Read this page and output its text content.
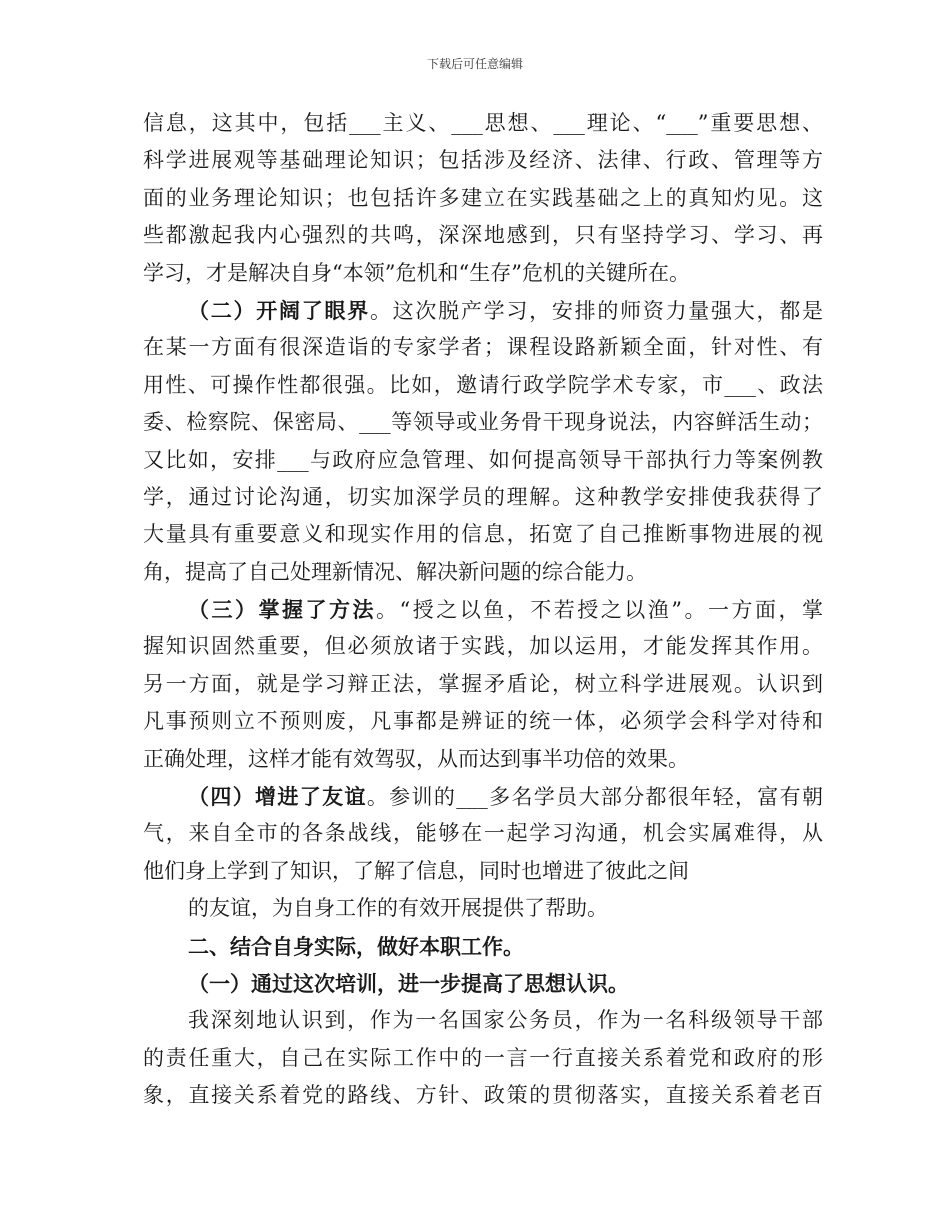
下载后可任意编辑
信息，这其中，包括___主义、___思想、___理论、“___”重要思想、
科学进展观等基础理论知识；包括涉及经济、法律、行政、管理等方
面的业务理论知识；也包括许多建立在实践基础之上的真知灼见。这
些都激起我内心强烈的共鸣，深深地感到，只有坚持学习、学习、再
学习，才是解决自身“本领”危机和“生存”危机的关键所在。
（二）开阔了眼界。这次脱产学习，安排的师资力量强大，都是
在某一方面有很深造诣的专家学者；课程设路新颖全面，针对性、有
用性、可操作性都很强。比如，邀请行政学院学术专家，市___、政法
委、检察院、保密局、___等领导或业务骨干现身说法，内容鲜活生动；
又比如，安排___与政府应急管理、如何提高领导干部执行力等案例教
学，通过讨论沟通，切实加深学员的理解。这种教学安排使我获得了
大量具有重要意义和现实作用的信息，拓宽了自己推断事物进展的视
角，提高了自己处理新情况、解决新问题的综合能力。
（三）掌握了方法。“授之以鱼，不若授之以渔”。一方面，掌
握知识固然重要，但必须放诸于实践，加以运用，才能发挥其作用。
另一方面，就是学习辩正法，掌握矛盾论，树立科学进展观。认识到
凡事预则立不预则废，凡事都是辨证的统一体，必须学会科学对待和
正确处理，这样才能有效驾驭，从而达到事半功倍的效果。
（四）增进了友谊。参训的___多名学员大部分都很年轻，富有朝
气，来自全市的各条战线，能够在一起学习沟通，机会实属难得，从
他们身上学到了知识，了解了信息，同时也增进了彼此之间
的友谊，为自身工作的有效开展提供了帮助。
二、结合自身实际，做好本职工作。
（一）通过这次培训，进一步提高了思想认识。
我深刻地认识到，作为一名国家公务员，作为一名科级领导干部
的责任重大，自己在实际工作中的一言一行直接关系着党和政府的形
象，直接关系着党的路线、方针、政策的贯彻落实，直接关系着老百
